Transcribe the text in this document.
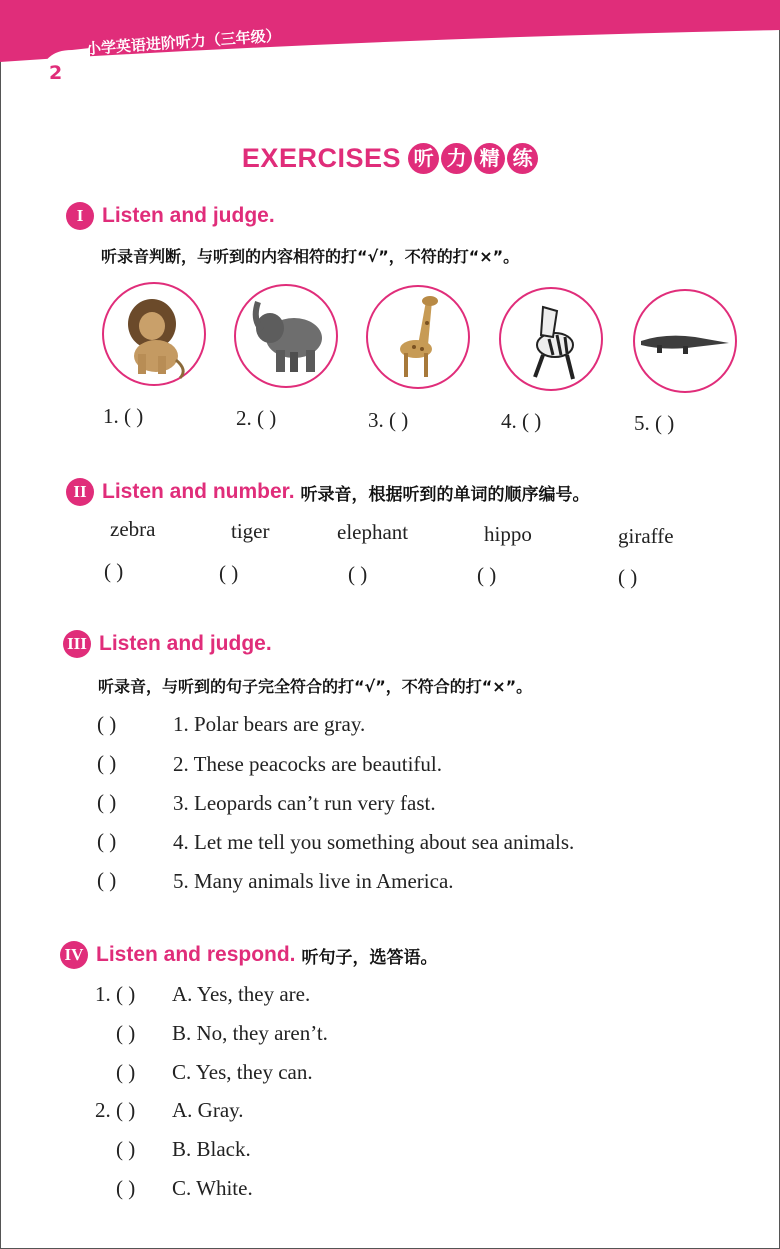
2
小学英语进阶听力（三年级）
EXERCISES 听 力 精 练
I Listen and judge.
听录音判断，与听到的内容相符的打“√”，不符的打“×”。
1. ( )	2. ( )	3. ( )	4. ( )	5. ( )
II Listen and number. 听录音，根据听到的单词的顺序编号。
zebra	tiger	elephant	hippo	giraffe
( )	( )	( )	( )	( )
III Listen and judge.
听录音，与听到的句子完全符合的打“√”，不符合的打“×”。
( )	1. Polar bears are gray.
( )	2. These peacocks are beautiful.
( )	3. Leopards can’t run very fast.
( )	4. Let me tell you something about sea animals.
( )	5. Many animals live in America.
IV Listen and respond. 听句子，选答语。
1. ( ) A. Yes, they are.
( ) B. No, they aren’t.
( ) C. Yes, they can.
2. ( ) A. Gray.
( ) B. Black.
( ) C. White.
